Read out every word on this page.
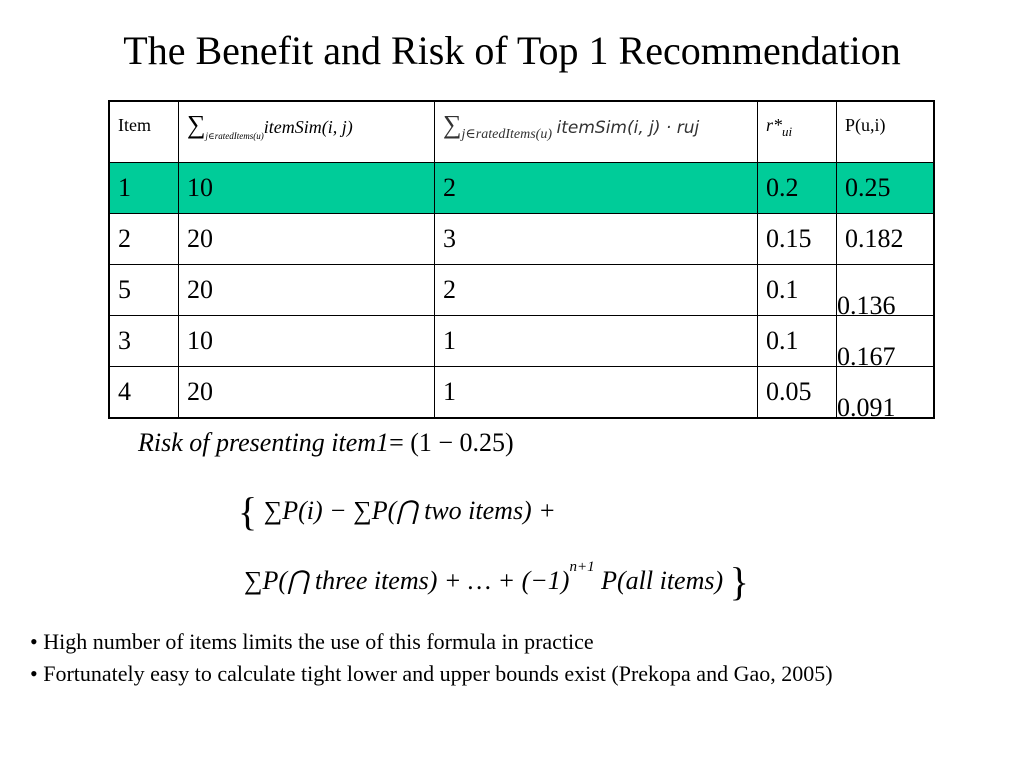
The Benefit and Risk of Top 1 Recommendation
Item	$\sum_{j\in ratedItems(u)}itemSim(i$, j)	$\sum_{j\in ratedItems(u)}$ itemSim(i, j) · ruj	$r*_{ui}$	P(u,i)
1	10	2	0.2	0.25
2	20	3	0.15	0.182
5	20	2	0.1	0.136
3	10	1	0.1	0.167
4	20	1	0.05	0.091
Risk of presenting item1= (1 − 0.25)
{ ∑P(i) − ∑P(⋂ two items) +
∑P(⋂ three items) + … + $(-1)^{n+1}$ P(all items) }
• High number of items limits the use of this formula in practice
• Fortunately easy to calculate tight lower and upper bounds exist (Prekopa and Gao, 2005)
